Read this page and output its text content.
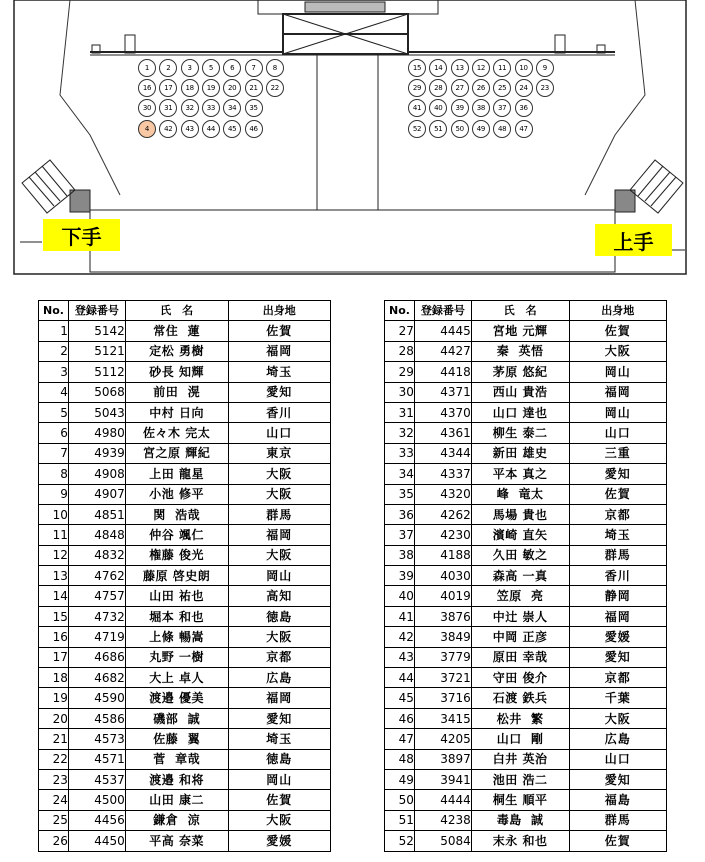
1	2	3	5	6	7	8
16	17	18	19	20	21	22
30	31	32	33	34	35
4	42	43	44	45	46
15	14	13	12	11	10	9
29	28	27	26	25	24	23
41	40	39	38	37	36
52	51	50	49	48	47
下手	上手
No.	登録番号	氏　名	出身地
1	5142	常住  蓮	佐賀
2	5121	定松 勇樹	福岡
3	5112	砂長 知輝	埼玉
4	5068	前田  滉	愛知
5	5043	中村 日向	香川
6	4980	佐々木 完太	山口
7	4939	宮之原 輝紀	東京
8	4908	上田 龍星	大阪
9	4907	小池 修平	大阪
10	4851	関  浩哉	群馬
11	4848	仲谷 颯仁	福岡
12	4832	権藤 俊光	大阪
13	4762	藤原 啓史朗	岡山
14	4757	山田 祐也	高知
15	4732	堀本 和也	徳島
16	4719	上條 暢嵩	大阪
17	4686	丸野 一樹	京都
18	4682	大上 卓人	広島
19	4590	渡邉 優美	福岡
20	4586	磯部  誠	愛知
21	4573	佐藤  翼	埼玉
22	4571	菅  章哉	徳島
23	4537	渡邉 和将	岡山
24	4500	山田 康二	佐賀
25	4456	鎌倉  涼	大阪
26	4450	平高 奈菜	愛媛
No.	登録番号	氏　名	出身地
27	4445	宮地 元輝	佐賀
28	4427	秦  英悟	大阪
29	4418	茅原 悠紀	岡山
30	4371	西山 貴浩	福岡
31	4370	山口 達也	岡山
32	4361	柳生 泰二	山口
33	4344	新田 雄史	三重
34	4337	平本 真之	愛知
35	4320	峰  竜太	佐賀
36	4262	馬場 貴也	京都
37	4230	濱崎 直矢	埼玉
38	4188	久田 敏之	群馬
39	4030	森高 一真	香川
40	4019	笠原  亮	静岡
41	3876	中辻 崇人	福岡
42	3849	中岡 正彦	愛媛
43	3779	原田 幸哉	愛知
44	3721	守田 俊介	京都
45	3716	石渡 鉄兵	千葉
46	3415	松井  繁	大阪
47	4205	山口  剛	広島
48	3897	白井 英治	山口
49	3941	池田 浩二	愛知
50	4444	桐生 順平	福島
51	4238	毒島  誠	群馬
52	5084	末永 和也	佐賀
